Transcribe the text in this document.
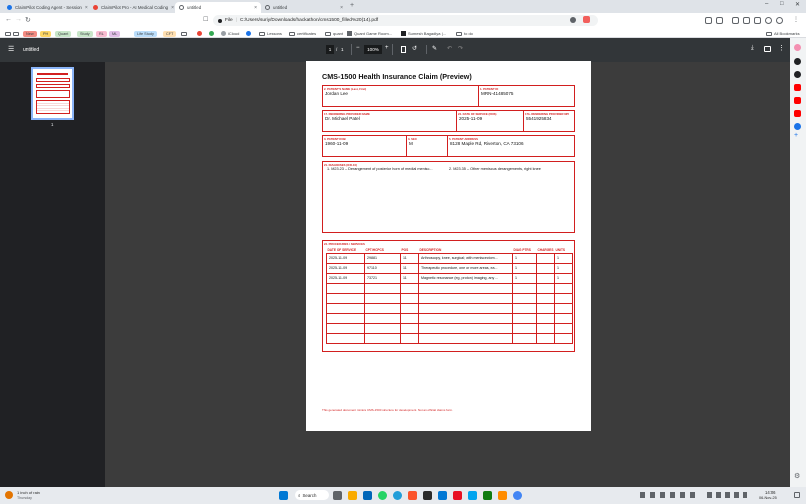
ClaimPilot Coding Agent - Session ×	ClaimPilot Pro - AI Medical Coding ×	untitled	×	untitled	× +	– □ ✕
← → ↻	☐	File | C:/Users/suriy/Downloads/hackathon/cms1500_filled%20(14).pdf	⋮
New	PH	Quant	Study	RL	ML	Life Study	CFT	iCloud	Lessons	certificates	quant	Quant Game Room...	Sumesh Bagadiya |...	to do	All Bookmarks
☰ untitled	1	/ 1 −	100%	+	↺ ✎ ↶ ↷	⤓	⋮
1
CMS-1500 Health Insurance Claim (Preview)
2. PATIENT'S NAME (Last, First)
Jordan Lee
1. PATIENT ID
MRN-41485075
17. RENDERING PROVIDER NAME
Dr. Michael Patel
24. DATE OF SERVICE (DOS)
2025-11-09
17b. RENDERING PROVIDER NPI
5541925834
3. PATIENT DOB
1960-11-09
3. SEX
M
5. PATIENT ADDRESS
8128 Maple Rd, Riverton, CA 73106
21. DIAGNOSES (ICD-10)
1. M23.23 – Derangement of posterior horn of medial menisc...	2. M23.35 – Other meniscus derangements, right knee
24. PROCEDURES / SERVICES
DATE OF SERVICE	CPT/HCPCS	POS	DESCRIPTION	DIAG PTRS	CHARGES	UNITS
2025-11-09	29881	11	Arthroscopy, knee, surgical; with meniscectom...	1		1
2025-11-09	97110	11	Therapeutic procedure, one or more areas, ea...	1		1
2025-11-09	73721	11	Magnetic resonance (eg, proton) imaging, any ...	1		1

This generated document mimics CMS-1500 structure for development. Not an official claims form.
+
⚙
1 inch of rain
Thursday
⌕ Search	14:06
06-Nov-25
